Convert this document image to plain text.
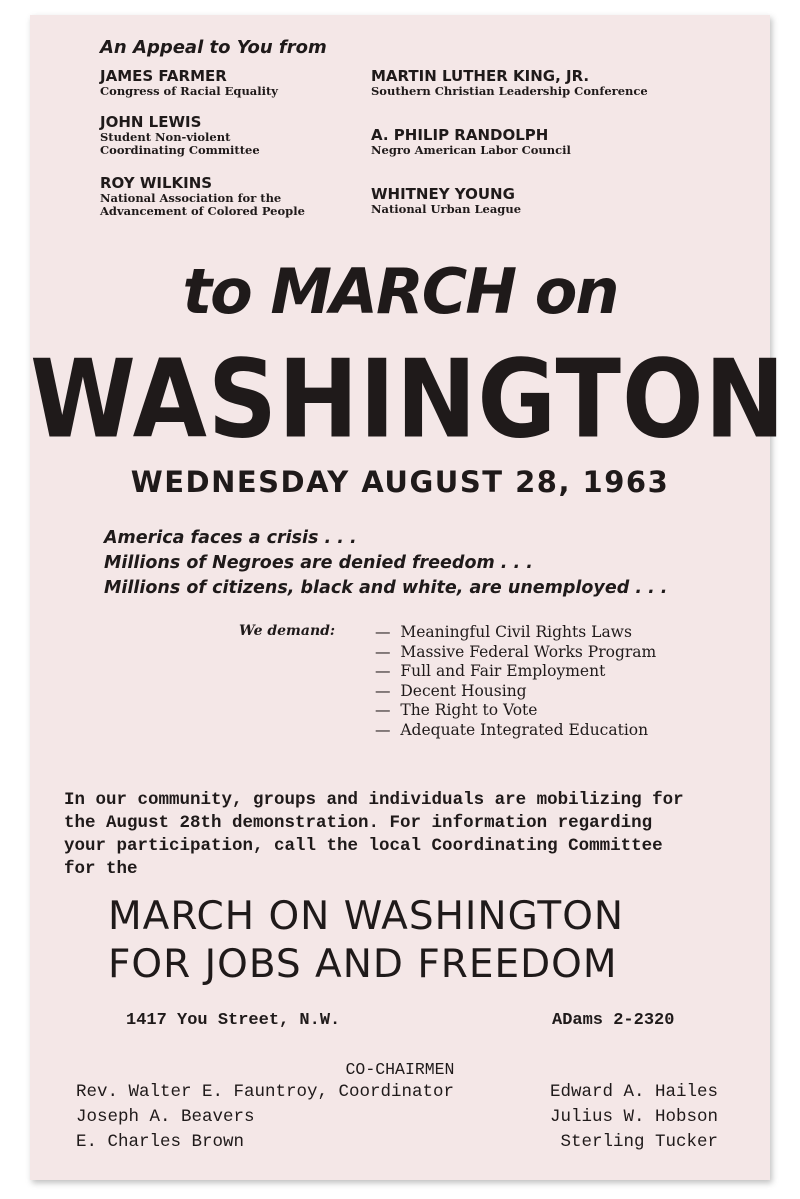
An Appeal to You from
JAMES FARMER
Congress of Racial Equality
JOHN LEWIS
Student Non-violent
Coordinating Committee
ROY WILKINS
National Association for the
Advancement of Colored People
MARTIN LUTHER KING, JR.
Southern Christian Leadership Conference
A. PHILIP RANDOLPH
Negro American Labor Council
WHITNEY YOUNG
National Urban League
to MARCH on
WASHINGTON
WEDNESDAY AUGUST 28, 1963
America faces a crisis . . .
Millions of Negroes are denied freedom . . .
Millions of citizens, black and white, are unemployed . . .
We demand:
—	Meaningful Civil Rights Laws
—  Massive Federal Works Program
—  Full and Fair Employment
—  Decent Housing
—  The Right to Vote
—  Adequate Integrated Education
In our community, groups and individuals are mobilizing for
the August 28th demonstration. For information regarding
your participation, call the local Coordinating Committee
for the
MARCH ON WASHINGTON
FOR JOBS AND FREEDOM
1417 You Street, N.W.	ADams 2-2320
CO-CHAIRMEN
Rev. Walter E. Fauntroy, Coordinator
Joseph A. Beavers
E. Charles Brown
Edward A. Hailes
Julius W. Hobson
Sterling Tucker
